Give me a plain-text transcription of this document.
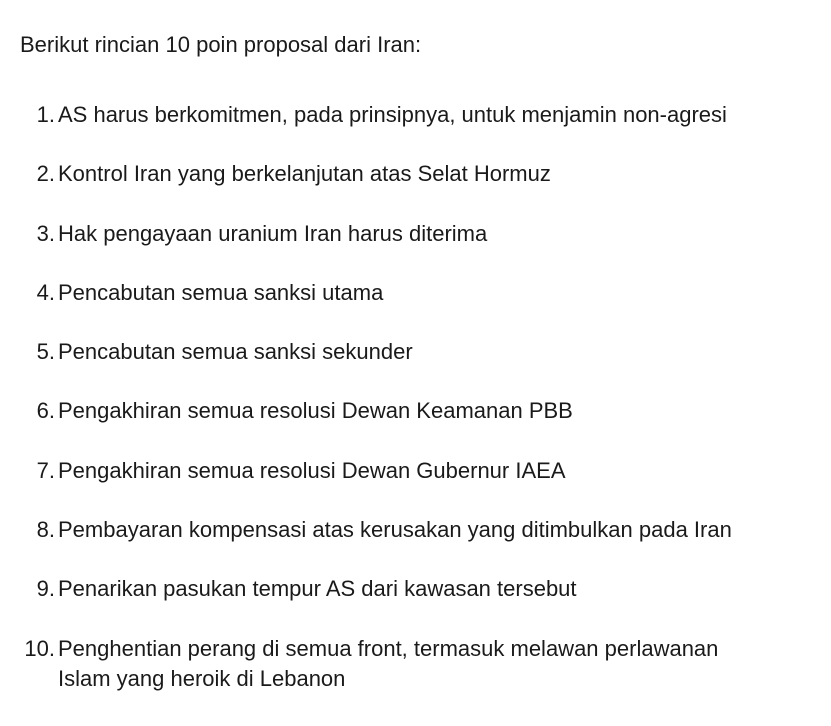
Berikut rincian 10 poin proposal dari Iran:
1. AS harus berkomitmen, pada prinsipnya, untuk menjamin non-agresi
2. Kontrol Iran yang berkelanjutan atas Selat Hormuz
3. Hak pengayaan uranium Iran harus diterima
4. Pencabutan semua sanksi utama
5. Pencabutan semua sanksi sekunder
6. Pengakhiran semua resolusi Dewan Keamanan PBB
7. Pengakhiran semua resolusi Dewan Gubernur IAEA
8. Pembayaran kompensasi atas kerusakan yang ditimbulkan pada Iran
9. Penarikan pasukan tempur AS dari kawasan tersebut
10. Penghentian perang di semua front, termasuk melawan perlawanan
Islam yang heroik di Lebanon
